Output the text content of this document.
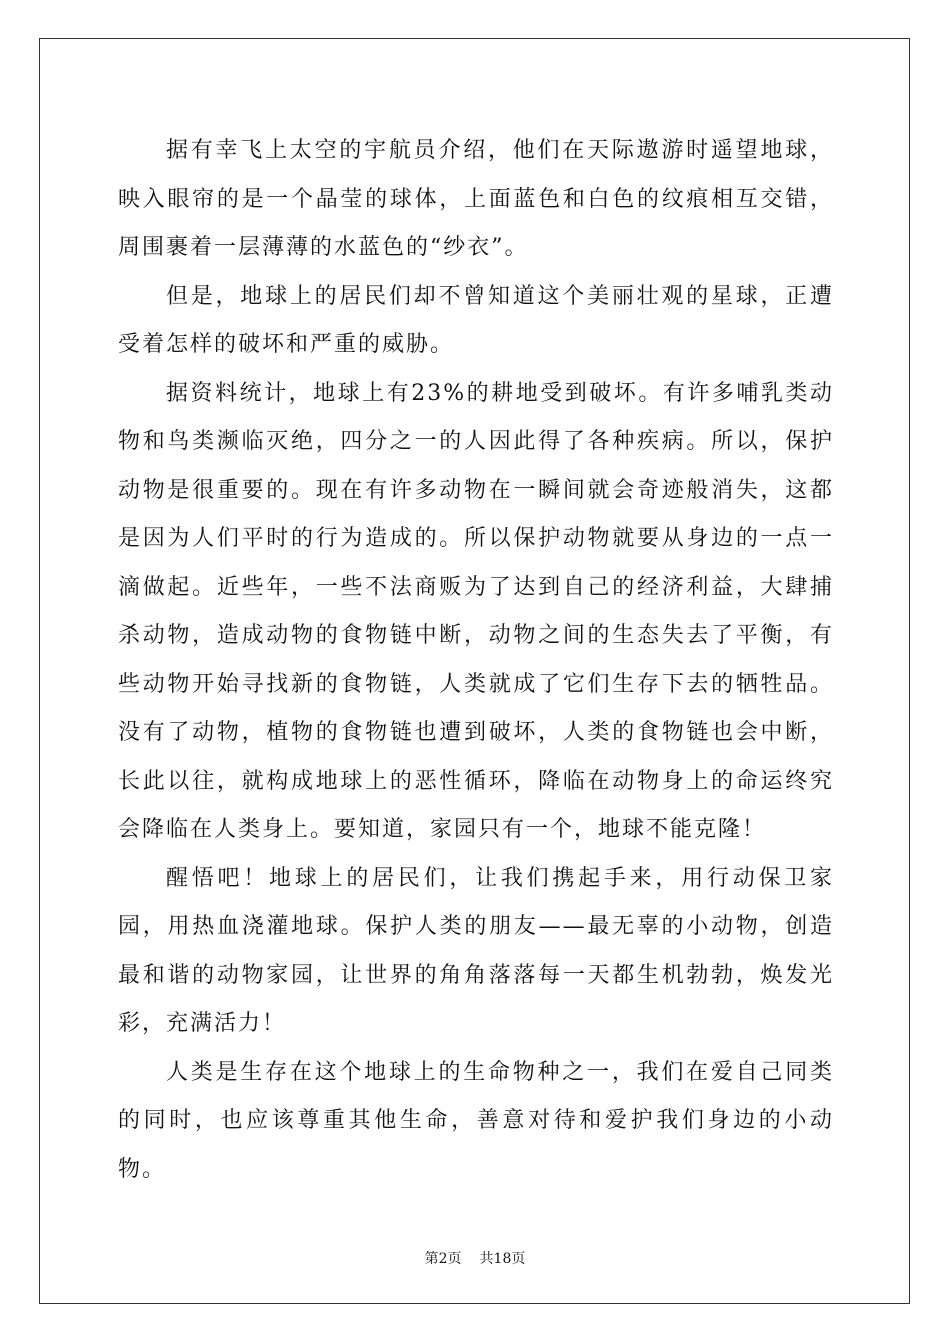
据有幸飞上太空的宇航员介绍，他们在天际遨游时遥望地球，映入眼帘的是一个晶莹的球体，上面蓝色和白色的纹痕相互交错，周围裹着一层薄薄的水蓝色的“纱衣”。

但是，地球上的居民们却不曾知道这个美丽壮观的星球，正遭受着怎样的破坏和严重的威胁。

据资料统计，地球上有23%的耕地受到破坏。有许多哺乳类动物和鸟类濒临灭绝，四分之一的人因此得了各种疾病。所以，保护动物是很重要的。现在有许多动物在一瞬间就会奇迹般消失，这都是因为人们平时的行为造成的。所以保护动物就要从身边的一点一滴做起。近些年，一些不法商贩为了达到自己的经济利益，大肆捕杀动物，造成动物的食物链中断，动物之间的生态失去了平衡，有些动物开始寻找新的食物链，人类就成了它们生存下去的牺牲品。没有了动物，植物的食物链也遭到破坏，人类的食物链也会中断，长此以往，就构成地球上的恶性循环，降临在动物身上的命运终究会降临在人类身上。要知道，家园只有一个，地球不能克隆！

醒悟吧！地球上的居民们，让我们携起手来，用行动保卫家园，用热血浇灌地球。保护人类的朋友——最无辜的小动物，创造最和谐的动物家园，让世界的角角落落每一天都生机勃勃，焕发光彩，充满活力！

人类是生存在这个地球上的生命物种之一，我们在爱自己同类的同时，也应该尊重其他生命，善意对待和爱护我们身边的小动物。

第2页 共18页
